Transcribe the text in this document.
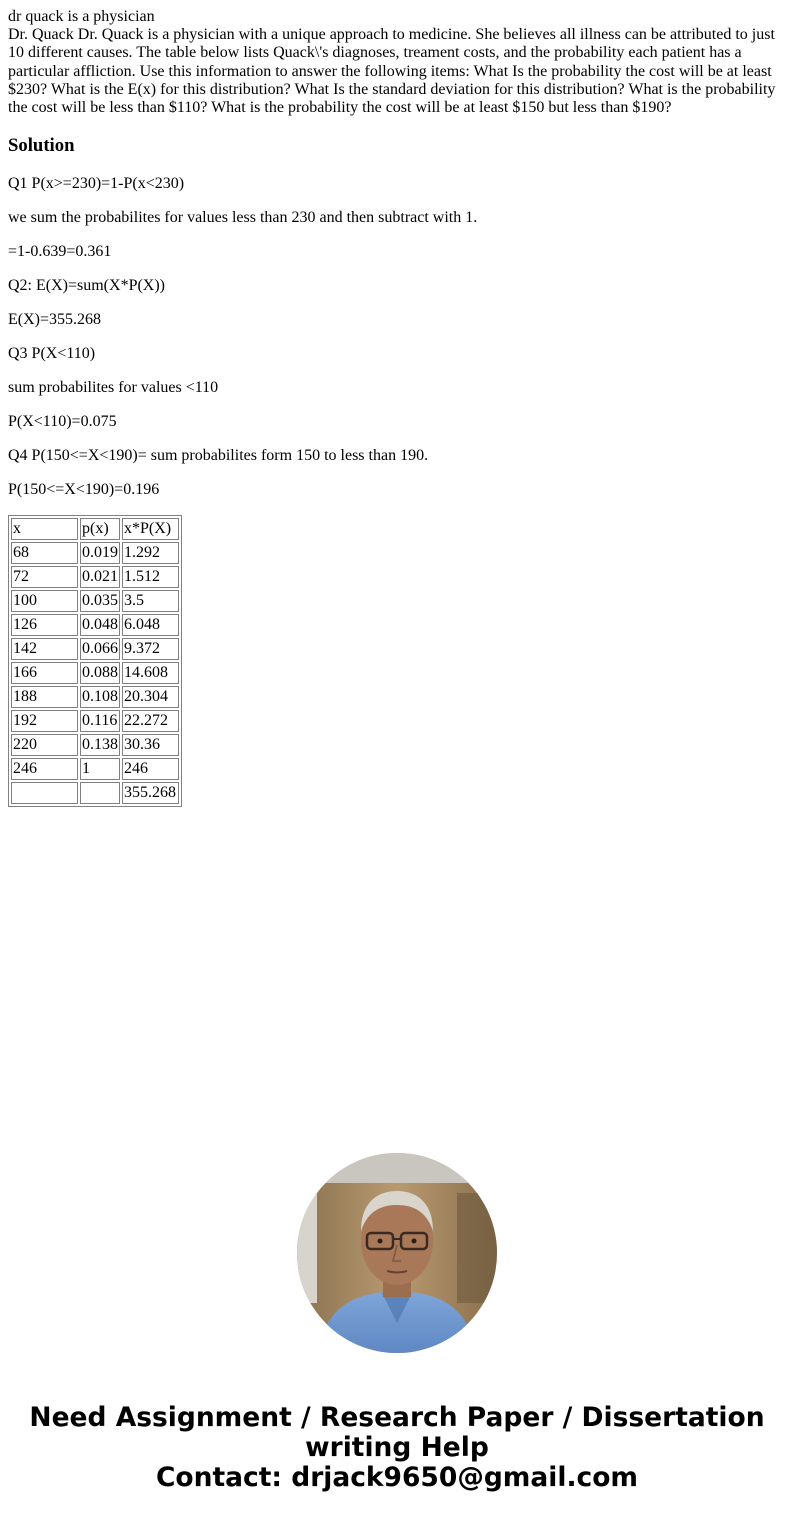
dr quack is a physician
Dr. Quack Dr. Quack is a physician with a unique approach to medicine. She believes all illness can be attributed to just 10 different causes. The table below lists Quack\'s diagnoses, treament costs, and the probability each patient has a particular affliction. Use this information to answer the following items: What Is the probability the cost will be at least $230? What is the E(x) for this distribution? What Is the standard deviation for this distribution? What is the probability the cost will be less than $110? What is the probability the cost will be at least $150 but less than $190?
Solution

Q1 P(x>=230)=1-P(x<230)

we sum the probabilites for values less than 230 and then subtract with 1.

=1-0.639=0.361

Q2: E(X)=sum(X*P(X))

E(X)=355.268

Q3 P(X<110)

sum probabilites for values <110

P(X<110)=0.075

Q4 P(150<=X<190)= sum probabilites form 150 to less than 190.

P(150<=X<190)=0.196

x	p(x)	x*P(X)
68	0.019	1.292
72	0.021	1.512
100	0.035	3.5
126	0.048	6.048
142	0.066	9.372
166	0.088	14.608
188	0.108	20.304
192	0.116	22.272
220	0.138	30.36
246	1	246
		355.268
Need Assignment / Research Paper / Dissertation
writing Help
Contact: drjack9650@gmail.com
